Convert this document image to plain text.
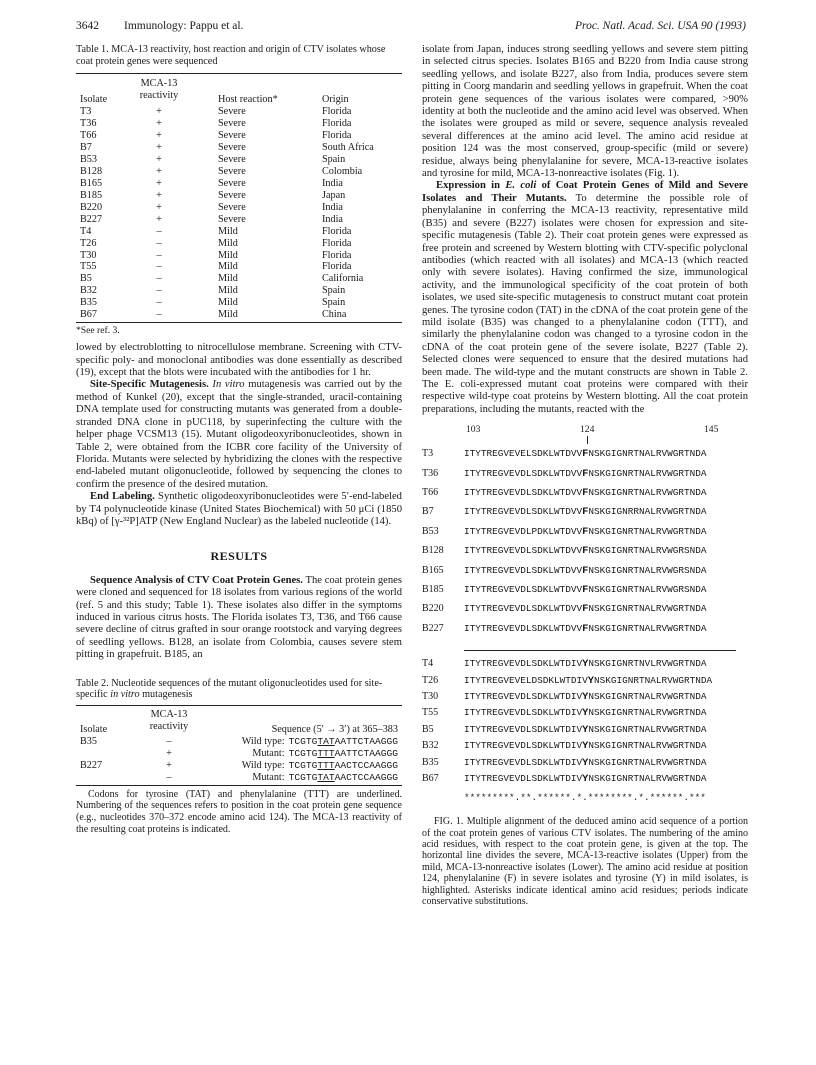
3642 Immunology: Pappu et al.	Proc. Natl. Acad. Sci. USA 90 (1993)
Table 1. MCA-13 reactivity, host reaction and origin of CTV isolates whose coat protein genes were sequenced
Isolate	MCA-13	Host reaction*	Origin
	reactivity		
T3	+	Severe	Florida
T36	+	Severe	Florida
T66	+	Severe	Florida
B7	+	Severe	South Africa
B53	+	Severe	Spain
B128	+	Severe	Colombia
B165	+	Severe	India
B185	+	Severe	Japan
B220	+	Severe	India
B227	+	Severe	India
T4	–	Mild	Florida
T26	–	Mild	Florida
T30	–	Mild	Florida
T55	–	Mild	Florida
B5	–	Mild	California
B32	–	Mild	Spain
B35	–	Mild	Spain
B67	–	Mild	China
*See ref. 3.

lowed by electroblotting to nitrocellulose membrane. Screening with CTV-specific poly- and monoclonal antibodies was done essentially as described (19), except that the blots were incubated with the antibodies for 1 hr.

Site-Specific Mutagenesis. In vitro mutagenesis was carried out by the method of Kunkel (20), except that the single-stranded, uracil-containing DNA template used for constructing mutants was generated from a double-stranded DNA clone in pUC118, by superinfecting the culture with the helper phage VCSM13 (15). Mutant oligodeoxyribonucleotides, shown in Table 2, were obtained from the ICBR core facility of the University of Florida. Mutants were selected by hybridizing the clones with the respective end-labeled mutant oligonucleotide, followed by sequencing the clones to confirm the presence of the desired mutation.

End Labeling. Synthetic oligodeoxyribonucleotides were 5′-end-labeled by T4 polynucleotide kinase (United States Biochemical) with 50 μCi (1850 kBq) of [γ-³²P]ATP (New England Nuclear) as the labeled nucleotide (14).

RESULTS

Sequence Analysis of CTV Coat Protein Genes. The coat protein genes were cloned and sequenced for 18 isolates from various regions of the world (ref. 5 and this study; Table 1). These isolates also differ in the symptoms induced in various citrus hosts. The Florida isolates T3, T36, and T66 cause severe decline of citrus grafted in sour orange rootstock and varying degrees of seedling yellows. B128, an isolate from Colombia, causes severe stem pitting in grapefruit. B185, an

Table 2. Nucleotide sequences of the mutant oligonucleotides used for site-specific in vitro mutagenesis
Isolate	MCA-13	Sequence (5′ → 3′) at 365–383
	reactivity	
B35	–	Wild type: TCGTGTATAATTCTAAGGG
	+	Mutant: TCGTGTTTAATTCTAAGGG
B227	+	Wild type: TCGTGTTTAACTCCAAGGG
	–	Mutant: TCGTGTATAACTCCAAGGG
Codons for tyrosine (TAT) and phenylalanine (TTT) are underlined. Numbering of the sequences refers to position in the coat protein gene sequence (e.g., nucleotides 370–372 encode amino acid 124). The MCA-13 reactivity of the resulting coat proteins is indicated.

isolate from Japan, induces strong seedling yellows and severe stem pitting in selected citrus species. Isolates B165 and B220 from India cause strong seedling yellows, and isolate B227, also from India, produces severe stem pitting in Coorg mandarin and seedling yellows in grapefruit. When the coat protein gene sequences of the various isolates were compared, >90% identity at both the nucleotide and the amino acid level was observed. When the isolates were grouped as mild or severe, sequence analysis revealed several differences at the amino acid level. The amino acid residue at position 124 was the most conserved, group-specific (mild or severe) residue, always being phenylalanine for severe, MCA-13-reactive isolates and tyrosine for mild, MCA-13-nonreactive isolates (Fig. 1).

Expression in E. coli of Coat Protein Genes of Mild and Severe Isolates and Their Mutants. To determine the possible role of phenylalanine in conferring the MCA-13 reactivity, representative mild (B35) and severe (B227) isolates were chosen for expression and site-specific mutagenesis (Table 2). Their coat protein genes were expressed as free protein and screened by Western blotting with CTV-specific polyclonal antibodies (which reacted with all isolates) and MCA-13 (which reacted only with severe isolates). Having confirmed the size, immunological activity, and the immunological specificity of the coat protein of both isolates, we used site-specific mutagenesis to construct mutant coat protein genes. The tyrosine codon (TAT) in the cDNA of the coat protein gene of the mild isolate (B35) was changed to a phenylalanine codon (TTT), and similarly the phenylalanine codon was changed to a tyrosine codon in the cDNA of the coat protein gene of the severe isolate, B227 (Table 2). Selected clones were sequenced to ensure that the desired mutations had been made. The wild-type and the mutant constructs are shown in Table 2. The E. coli-expressed mutant coat proteins were compared with their respective wild-type coat proteins by Western blotting. All the coat protein preparations, including the mutants, reacted with the

103	124	145
T3	ITYTREGVEVELSDKLWTDVVFNSKGIGNRTNALRVWGRTNDA
T36	ITYTREGVEVDLSDKLWTDVVFNSKGIGNRTNALRVWGRTNDA
T66	ITYTREGVEVDLSDKLWTDVVFNSKGIGNRTNALRVWGRTNDA
B7	ITYTREGVEVDLSDKLWTDVVFNSKGIGNRRNALRVWGRTNDA
B53	ITYTREGVEVDLPDKLWTDVVFNSKGIGNRTNALRVWGRTNDA
B128	ITYTREGVEVDLSDKLWTDVVFNSKGIGNRTNALRVWGRSNDA
B165	ITYTREGVEVDLSDKLWTDVVFNSKGIGNRTNALRVWGRSNDA
B185	ITYTREGVEVDLSDKLWTDVVFNSKGIGNRTNALRVWGRSNDA
B220	ITYTREGVEVDLSDKLWTDVVFNSKGIGNRTNALRVWGRTNDA
B227	ITYTREGVEVDLSDKLWTDVVFNSKGIGNRTNALRVWGRTNDA
T4	ITYTREGVEVDLSDKLWTDIVYNSKGIGNRTNVLRVWGRTNDA
T26	ITYTREGVEVELDSDKLWTDIVYNSKGIGNRTNALRVWGRTNDA
T30	ITYTREGVEVDLSDKLWTDIVYNSKGIGNRTNALRVWGRTNDA
T55	ITYTREGVEVDLSDKLWTDIVYNSKGIGNRTNALRVWGRTNDA
B5	ITYTREGVEVDLSDKLWTDIVYNSKGIGNRTNALRVWGRTNDA
B32	ITYTREGVEVDLSDKLWTDIVYNSKGIGNRTNALRVWGRTNDA
B35	ITYTREGVEVDLSDKLWTDIVYNSKGIGNRTNALRVWGRTNDA
B67	ITYTREGVEVDLSDKLWTDIVYNSKGIGNRTNALRVWGRTNDA
*********.**.******.*.********.*.******.***
FIG. 1. Multiple alignment of the deduced amino acid sequence of a portion of the coat protein genes of various CTV isolates. The numbering of the amino acid residues, with respect to the coat protein gene, is given at the top. The horizontal line divides the severe, MCA-13-reactive isolates (Upper) from the mild, MCA-13-nonreactive isolates (Lower). The amino acid residue at position 124, phenylalanine (F) in severe isolates and tyrosine (Y) in mild isolates, is highlighted. Asterisks indicate identical amino acid residues; periods indicate conservative substitutions.
